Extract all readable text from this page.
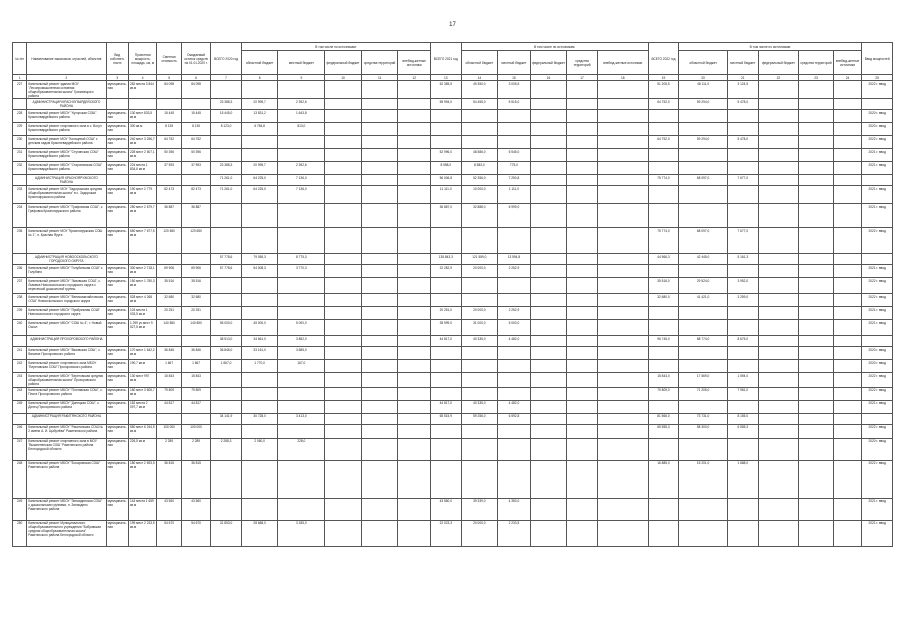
17
№ п/п	Наименование заказчиков, отраслей, объектов	Вид собствен-ности	Проектная мощность, площадь, км, м	Сметная стоимость	Ожидаемый остаток средств на 01.01.2020 г.	ВСЕГО 2020 год	В том числе по источникам:					ВСЕГО 2021 год	В том числе по источникам:					ВСЕГО 2022 год	В том числе по источникам:					Ввод мощностей
							областной бюджет	местный бюджет	федеральный бюджет	средства территорий	внебюд-жетные источники		областной бюджет	местный бюджет	федеральный бюджет	средства территорий	внебюд-жетные источники		областной бюджет	местный бюджет	федеральный бюджет	средства территорий	внебюд-жетные источники	
1	2	3	4	5	6	7	8	9	10	11	12	13	14	15	16	17	18	19	20	21	22	23	24	25
227	Капитальный ремонт здания МОУ "Лесопромышленная основная общеобразовательная школа" Грязовецкого района	муниципаль-ная	282 места 3 844 кв.м	84 098	84 098							52 355,5	49 350,0	3 005,5				51 205,5	48 111,0	3 124,5				2022 г. ввод
	АДМИНИСТРАЦИЯ КРАСНОГВАРДЕЙСКОГО РАЙОНА					23 388,3	20 995,7	2 392,6				55 994,0	54 455,0	5 515,0				64 752,0	59 294,0	5 478,0				
228	Капитальный ремонт МБОУ "Хуторская СОШ" Красногвардейского района	муниципаль-ная	130 мест 833,5 кв.м	15 445	15 445	15 445,0	13 831,2	1 643,8																2020 г. ввод
229	Капитальный ремонт спортивного зала в с. Вогул Красногвардейского района	муниципаль-ная	300 кв.м	8 135	8 135	8 123,0	6 784,8	813,0																2020 г. ввод
230	Капитальный ремонт МОУ "Кольцевой СОШ" с детским садом Красногвардейского района	муниципаль-ная	240 мест 3 256,7 кв.м	64 752	64 752													64 752,0	59 294,0	5 478,0				2022 г. ввод
231	Капитальный ремонт МБОУ "Стулинская СОШ" Красногвардейского района	муниципаль-ная	228 мест 2 607,1 кв.м	50 396	50 396							52 996,0	48 586,0	5 545,0										2021 г. ввод
232	Капитальный ремонт МБОУ "Староновская СОШ" Красногвардейского района	муниципаль-ная	224 места 1 834,6 кв.м	37 593	37 593	23 388,3	20 995,7	2 392,6				8 958,0	8 583,0	775,0										2021 г. ввод
	АДМИНИСТРАЦИЯ КРАСНОЯРУЖСКОГО РАЙОНА					71 261,0	64 225,0	7 136,0				56 006,8	52 356,0	7 250,8				75 774,0	68 097,0	7 677,0				
233	Капитальный ремонт МОУ "Задорожская средняя общеобразовательная школа" в с. Задорожье Краснояружского района	муниципаль-ная	190 мест 2 779 кв.м	82 473	82 473	71 261,0	64 225,0	7 136,0				11 111,0	10 000,0	1 111,0										2021 г. ввод
234	Капитальный ремонт МБОУ "Графовская СОШ", с. Графовка Краснояружского района	муниципаль-ная	250 мест 2 679,7 кв.м	36 887	36 887							36 887,0	32 888,0	6 999,0										2021 г. ввод
235	Капитальный ремонт МОУ "Краснояружская СОШ № 1", п. Красная Яруга	муниципаль-ная	650 мест 7 677,5 кв.м	120 650	120 650													75 774,0	68 097,0	7 677,0				2022 г. ввод
	АДМИНИСТРАЦИЯ НОВООСКОЛЬСКОГО ГОРОДСКОГО ОКРУГА					57 778,6	79 055,3	8 775,3				135 843,3	121 559,0	13 594,8				44 566,3	42 445,0	5 161,3				
236	Капитальный ремонт МБОУ "Голубинская СОШ" с. Голубино	муниципаль-ная	300 мест 2 718,1 кв.м	69 906	69 906	57 778,6	54 008,3	3 770,3				22 252,9	20 000,0	2 252,9										2021 г. ввод
237	Капитальный ремонт МБОУ "Львовская СОШ", с. Львовка Новооскольского городского округа с пересечкой дошкольной группы	муниципаль-ная	150 мест 1 780,3 кв.м	35 516	35 516													35 516,0	29 524,0	3 952,0				2022 г. ввод
238	Капитальный ремонт МБОУ "Великомихайловская СОШ" Новооскольского городского округа	муниципаль-ная	528 мест 4 268 кв.м	32 680	32 680													32 680,0	41 421,0	3 259,0				2022 г. ввод
239	Капитальный ремонт МБОУ "Прибрежная СОШ" Новооскольского городского округа	муниципаль-ная	103 места 1 033,5 кв.м	20 251	20 251							20 251,0	20 000,0	2 252,9										2021 г. ввод
240	Капитальный ремонт МБОУ "СОШ № 4", г. Новый Оскол	муниципаль-ная	1 299 уч.мест 9 527,5 кв.м	140 850	140 850	55 000,0	45 000,0	5 000,0				35 999,0	31 000,0	5 000,0										2021 г. ввод
	АДМИНИСТРАЦИЯ ПРОХОРОВСКОГО РАЙОНА					38 513,0	34 661,0	3 852,0				44 817,0	40 335,0	4 482,0				96 745,0	88 774,0	8 675,0				
241	Капитальный ремонт МБОУ "Вязовская СОШ", с. Вязовое Прохоровского района	муниципаль-ная	170 мест 1 642,2 кв.м	36 846	36 846	36 846,0	33 161,0	3 685,0																2020 г. ввод
242	Капитальный ремонт спортивного зала МБОУ "Береговская СОШ" Прохоровского района	муниципаль-ная	190,7 кв.м	1 667	1 667	1 667,0	1 770,0	167,0																2020 г. ввод
243	Капитальный ремонт МБОУ "Береговская средняя общеобразовательная школа" Прохоровского района	муниципаль-ная	130 мест 997 кв.м	15 843	15 843													15 843,0	17 569,0	1 594,0				2022 г. ввод
244	Капитальный ремонт МБОУ "Плотавская СОШ", с. Плота Прохоровского района	муниципаль-ная	180 мест 3 605,7 кв.м	79 809	79 809													79 809,0	71 205,0	7 981,0				2022 г. ввод
245	Капитальный ремонт МБОУ "Донецкая СОШ", с. Донец Прохоровского района	муниципаль-ная	182 места 2 097,7 кв.м	44 817	44 817							44 817,0	40 335,0	4 482,0										2021 г. ввод
	АДМИНИСТРАЦИЯ РАКИТЯНСКОГО РАЙОНА					34 141,9	30 728,0	3 413,0				65 515,9	59 256,0	6 592,8				81 566,0	73 731,0	8 155,0				
246	Капитальный ремонт МБОУ "Ракитянская СОШ № 2 имени А. И. Цыбулёва" Ракитянского района	муниципаль-ная	550 мест 6 244,5 кв.м	100 000	100 000													65 555,3	58 300,0	6 555,3				2022 г. ввод
247	Капитальный ремонт спортивного зала в МОУ "Вышнепенская СОШ" Ракитянского района Белгородской области	муниципаль-ная	226,5 кв.м	2 289	2 289	2 288,3	2 060,0	228,0																2020 г. ввод
248	Капитальный ремонт МБОУ "Бочаровская СОШ" Ракитянского района	муниципаль-ная	180 мест 2 693,5 кв.м	36 815	36 815													16 885,0	15 201,0	1 688,0				2022 г. ввод
249	Капитальный ремонт МБОУ "Зинаидинская СОШ" с дошкольными группами, п. Зинаидино Ракитянского района	муниципаль-ная	144 места 1 659 кв.м	43 560	43 560							43 560,0	39 339,0	4 350,0										2021 г. ввод
250	Капитальный ремонт Муниципального общеобразовательного учреждения "Бобравская средняя общеобразовательная школа" Ракитянского района Белгородской области	муниципаль-ная	199 мест 2 233,5 кв.м	54 670	54 670	31 853,0	28 668,0	3 185,0				22 023,3	20 000,0	2 233,5										2021 г. ввод
